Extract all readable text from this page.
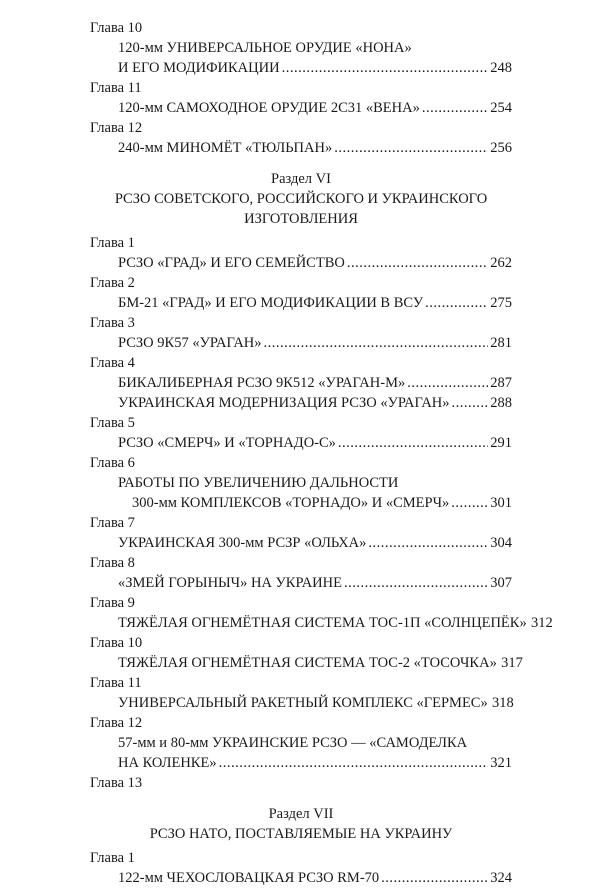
Глава 10
120-мм УНИВЕРСАЛЬНОЕ ОРУДИЕ «НОНА»
И ЕГО МОДИФИКАЦИИ .....	248
Глава 11
120-мм САМОХОДНОЕ ОРУДИЕ 2С31 «ВЕНА» .....	254
Глава 12
240-мм МИНОМЁТ «ТЮЛЬПАН» .....	256
Раздел VI
РСЗО СОВЕТСКОГО, РОССИЙСКОГО И УКРАИНСКОГО ИЗГОТОВЛЕНИЯ
Глава 1
РСЗО «ГРАД» И ЕГО СЕМЕЙСТВО .....	262
Глава 2
БМ-21 «ГРАД» И ЕГО МОДИФИКАЦИИ В ВСУ .....	275
Глава 3
РСЗО 9К57 «УРАГАН» .....	281
Глава 4
БИКАЛИБЕРНАЯ РСЗО 9К512 «УРАГАН-М» .....	287
УКРАИНСКАЯ МОДЕРНИЗАЦИЯ РСЗО «УРАГАН» .....	288
Глава 5
РСЗО «СМЕРЧ» И «ТОРНАДО-С» .....	291
Глава 6
РАБОТЫ ПО УВЕЛИЧЕНИЮ ДАЛЬНОСТИ
300-мм КОМПЛЕКСОВ «ТОРНАДО» И «СМЕРЧ» .....	301
Глава 7
УКРАИНСКАЯ 300-мм РСЗР «ОЛЬХА» .....	304
Глава 8
«ЗМЕЙ ГОРЫНЫЧ» НА УКРАИНЕ .....	307
Глава 9
ТЯЖЁЛАЯ ОГНЕМЁТНАЯ СИСТЕМА ТОС-1П «СОЛНЦЕПЁК» 312
Глава 10
ТЯЖЁЛАЯ ОГНЕМЁТНАЯ СИСТЕМА ТОС-2 «ТОСОЧКА» 317
Глава 11
УНИВЕРСАЛЬНЫЙ РАКЕТНЫЙ КОМПЛЕКС «ГЕРМЕС» 318
Глава 12
57-мм и 80-мм УКРАИНСКИЕ РСЗО — «САМОДЕЛКА
НА КОЛЕНКЕ» .....	321
Глава 13
Раздел VII
РСЗО НАТО, ПОСТАВЛЯЕМЫЕ НА УКРАИНУ
Глава 1
122-мм ЧЕХОСЛОВАЦКАЯ РСЗО RM-70 .....	324
